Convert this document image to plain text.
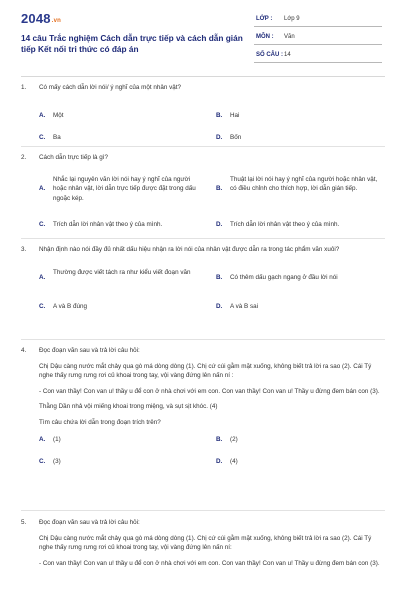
2048.vn
14 câu Trắc nghiệm Cách dẫn trực tiếp và cách dẫn gián tiếp Kết nối tri thức có đáp án
LỚP : Lớp 9
MÔN : Văn
SỐ CÂU : 14
1.	Có mấy cách dẫn lời nói/ ý nghĩ của một nhân vật?
A. Một	B. Hai
C. Ba	D. Bốn
2.	Cách dẫn trực tiếp là gì?
A.
Nhắc lại nguyên văn lời nói hay ý nghĩ của người hoặc nhân vật, lời dẫn trực tiếp được đặt trong dấu ngoặc kép.
B.
Thuật lại lời nói hay ý nghĩ của người hoặc nhân vật, có điều chỉnh cho thích hợp, lời dẫn gián tiếp.
C. Trích dẫn lời nhân vật theo ý của mình.	D. Trích dẫn lời nhân vật theo ý của mình.
3.	Nhận định nào nói đầy đủ nhất dấu hiệu nhận ra lời nói của nhân vật được dẫn ra trong tác phẩm văn xuôi?
A.
Thường được viết tách ra như kiểu viết đoạn văn
B. Có thêm dấu gạch ngang ở đầu lời nói
C. A và B đúng	D. A và B sai
4.	Đọc đoạn văn sau và trả lời câu hỏi:
Chị Dậu càng nước mắt chảy qua gò má dòng dòng (1). Chị cứ cúi gằm mặt xuống, không biết trả lời ra sao (2). Cái Tý nghe thấy rưng rưng rơi củ khoai trong tay, vội vàng đứng lên nấn ní :
- Con van thầy! Con van u! thầy u để con ở nhà chơi với em con. Con van thầy! Con van u! Thầy u đừng đem bán con (3).
Thằng Dần nhả vội miếng khoai trong miệng, và sụt sịt khóc. (4)
Tìm câu chứa lời dẫn trong đoạn trích trên?
A. (1)	B. (2)
C. (3)	D. (4)
5.	Đọc đoạn văn sau và trả lời câu hỏi:
Chị Dậu càng nước mắt chảy qua gò má dòng dòng (1). Chị cứ cúi gằm mặt xuống, không biết trả lời ra sao (2). Cái Tý nghe thấy rưng rưng rơi củ khoai trong tay, vội vàng đứng lên nấn ní:
- Con van thầy! Con van u! thầy u để con ở nhà chơi với em con. Con van thầy! Con van u! Thầy u đừng đem bán con (3).
